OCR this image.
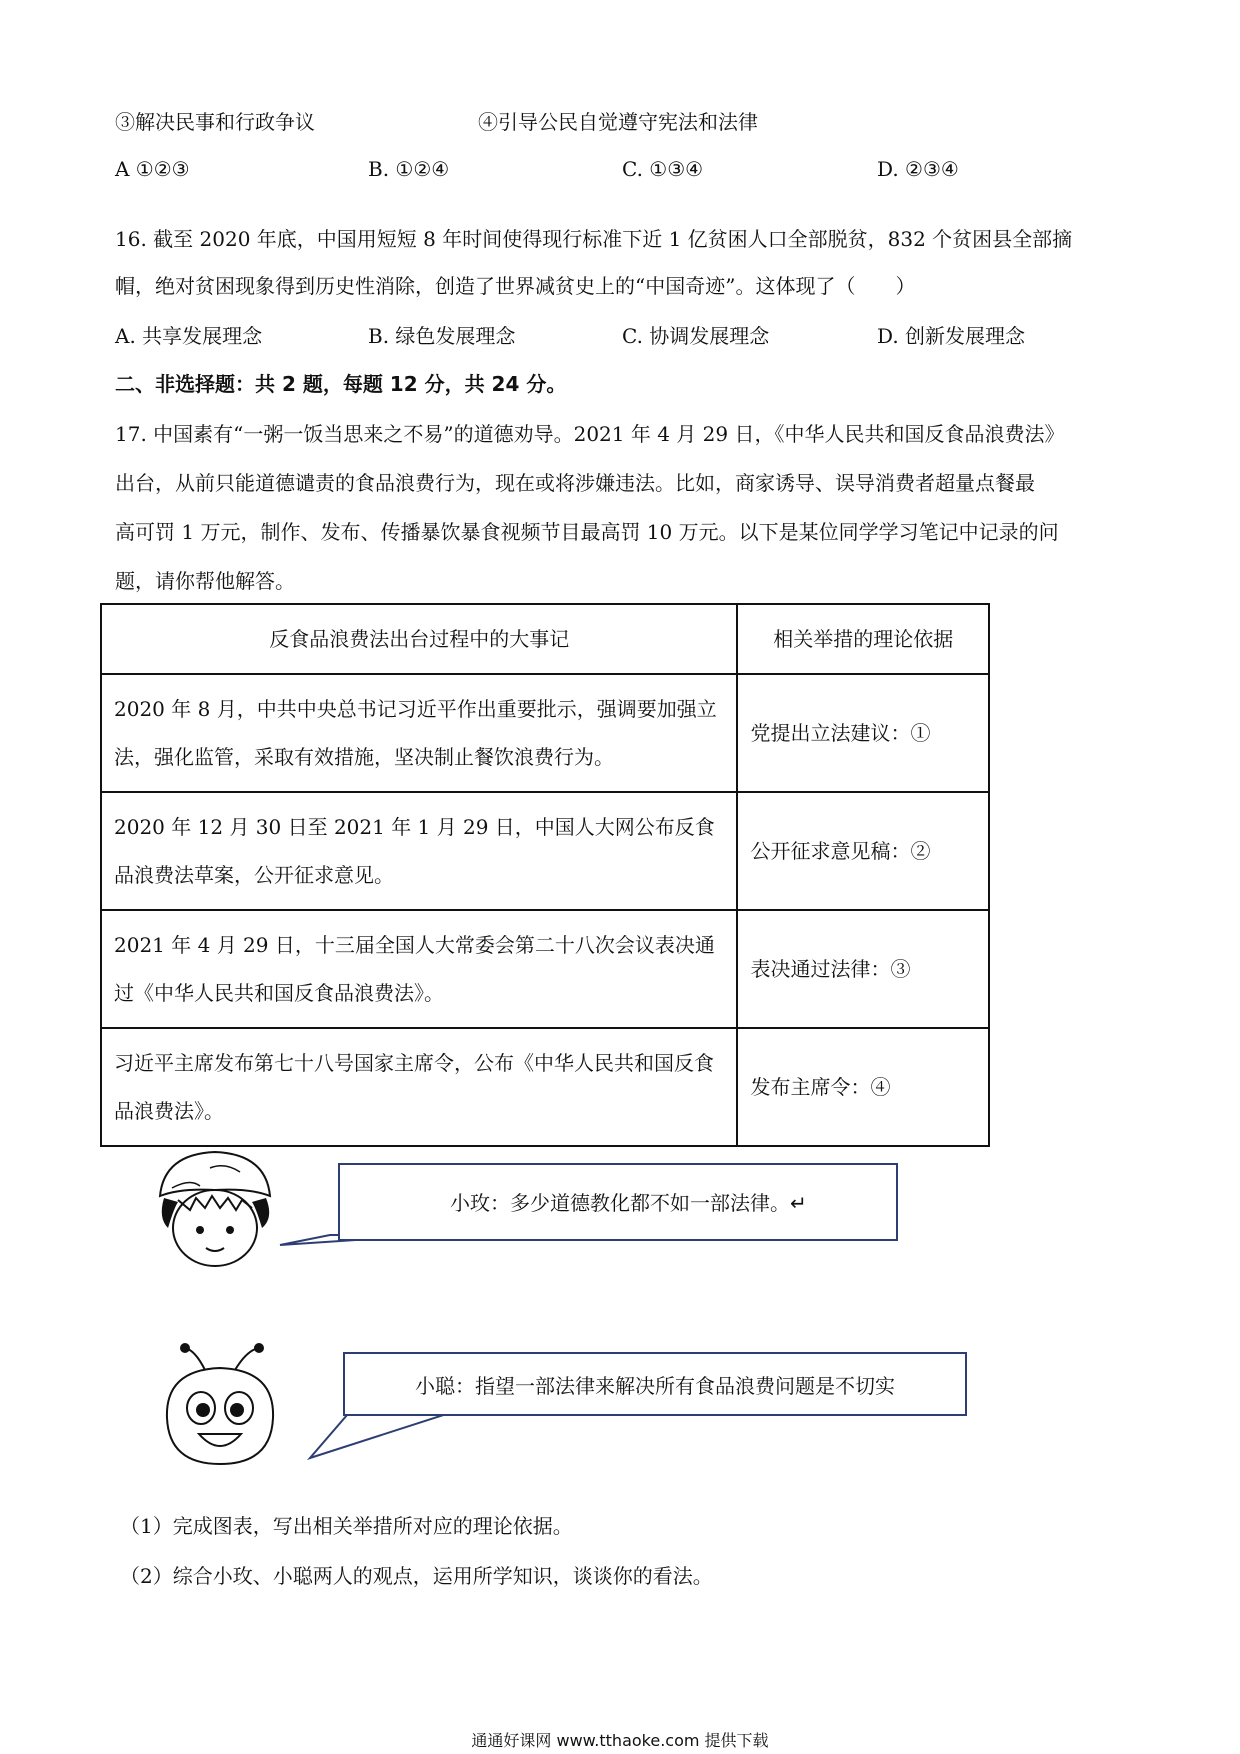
③解决民事和行政争议	④引导公民自觉遵守宪法和法律
A ①②③	B. ①②④	C. ①③④	D. ②③④
16. 截至 2020 年底，中国用短短 8 年时间使得现行标准下近 1 亿贫困人口全部脱贫，832 个贫困县全部摘
帽，绝对贫困现象得到历史性消除，创造了世界减贫史上的“中国奇迹”。这体现了（　　）
A. 共享发展理念	B. 绿色发展理念	C. 协调发展理念	D. 创新发展理念
二、非选择题：共 2 题，每题 12 分，共 24 分。
17. 中国素有“一粥一饭当思来之不易”的道德劝导。2021 年 4 月 29 日，《中华人民共和国反食品浪费法》
出台，从前只能道德谴责的食品浪费行为，现在或将涉嫌违法。比如，商家诱导、误导消费者超量点餐最
高可罚 1 万元，制作、发布、传播暴饮暴食视频节目最高罚 10 万元。以下是某位同学学习笔记中记录的问
题，请你帮他解答。
反食品浪费法出台过程中的大事记	相关举措的理论依据
2020 年 8 月，中共中央总书记习近平作出重要批示，强调要加强立法，强化监管，采取有效措施，坚决制止餐饮浪费行为。	党提出立法建议：①
2020 年 12 月 30 日至 2021 年 1 月 29 日，中国人大网公布反食品浪费法草案，公开征求意见。	公开征求意见稿：②
2021 年 4 月 29 日，十三届全国人大常委会第二十八次会议表决通过《中华人民共和国反食品浪费法》。	表决通过法律：③
习近平主席发布第七十八号国家主席令，公布《中华人民共和国反食品浪费法》。	发布主席令：④
小玫：多少道德教化都不如一部法律。↵
小聪：指望一部法律来解决所有食品浪费问题是不切实
（1）完成图表，写出相关举措所对应的理论依据。
（2）综合小玫、小聪两人的观点，运用所学知识，谈谈你的看法。
通通好课网 www.tthaoke.com 提供下载
